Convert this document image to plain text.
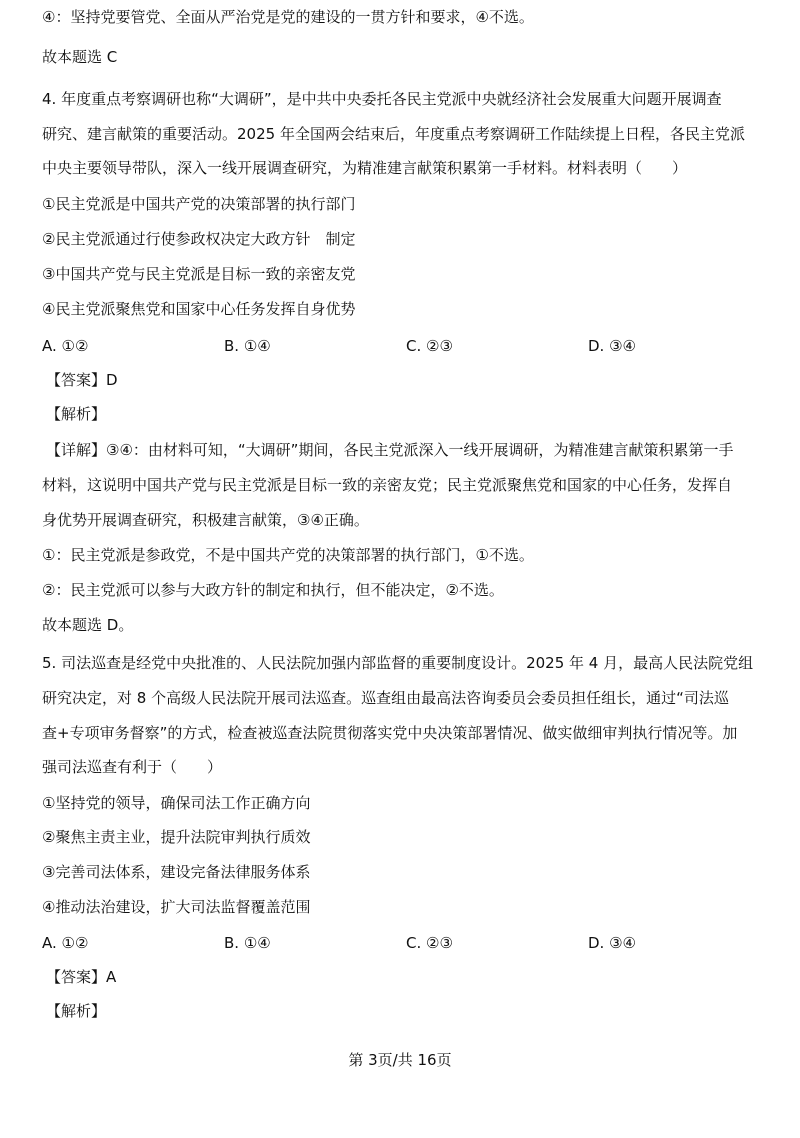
④：坚持党要管党、全面从严治党是党的建设的一贯方针和要求，④不选。
故本题选 C
4. 年度重点考察调研也称“大调研”，是中共中央委托各民主党派中央就经济社会发展重大问题开展调查
研究、建言献策的重要活动。2025 年全国两会结束后，年度重点考察调研工作陆续提上日程，各民主党派
中央主要领导带队，深入一线开展调查研究，为精准建言献策积累第一手材料。材料表明（　　）
①民主党派是中国共产党的决策部署的执行部门
②民主党派通过行使参政权决定大政方针　制定
③中国共产党与民主党派是目标一致的亲密友党
④民主党派聚焦党和国家中心任务发挥自身优势
A. ①②	B. ①④	C. ②③	D. ③④
【答案】D
【解析】
【详解】③④：由材料可知，“大调研”期间，各民主党派深入一线开展调研，为精准建言献策积累第一手
材料，这说明中国共产党与民主党派是目标一致的亲密友党；民主党派聚焦党和国家的中心任务，发挥自
身优势开展调查研究，积极建言献策，③④正确。
①：民主党派是参政党，不是中国共产党的决策部署的执行部门，①不选。
②：民主党派可以参与大政方针的制定和执行，但不能决定，②不选。
故本题选 D。
5. 司法巡查是经党中央批准的、人民法院加强内部监督的重要制度设计。2025 年 4 月，最高人民法院党组
研究决定，对 8 个高级人民法院开展司法巡查。巡查组由最高法咨询委员会委员担任组长，通过“司法巡
查+专项审务督察”的方式，检查被巡查法院贯彻落实党中央决策部署情况、做实做细审判执行情况等。加
强司法巡查有利于（　　）
①坚持党的领导，确保司法工作正确方向
②聚焦主责主业，提升法院审判执行质效
③完善司法体系，建设完备法律服务体系
④推动法治建设，扩大司法监督覆盖范围
A. ①②	B. ①④	C. ②③	D. ③④
【答案】A
【解析】
第 3页/共 16页
